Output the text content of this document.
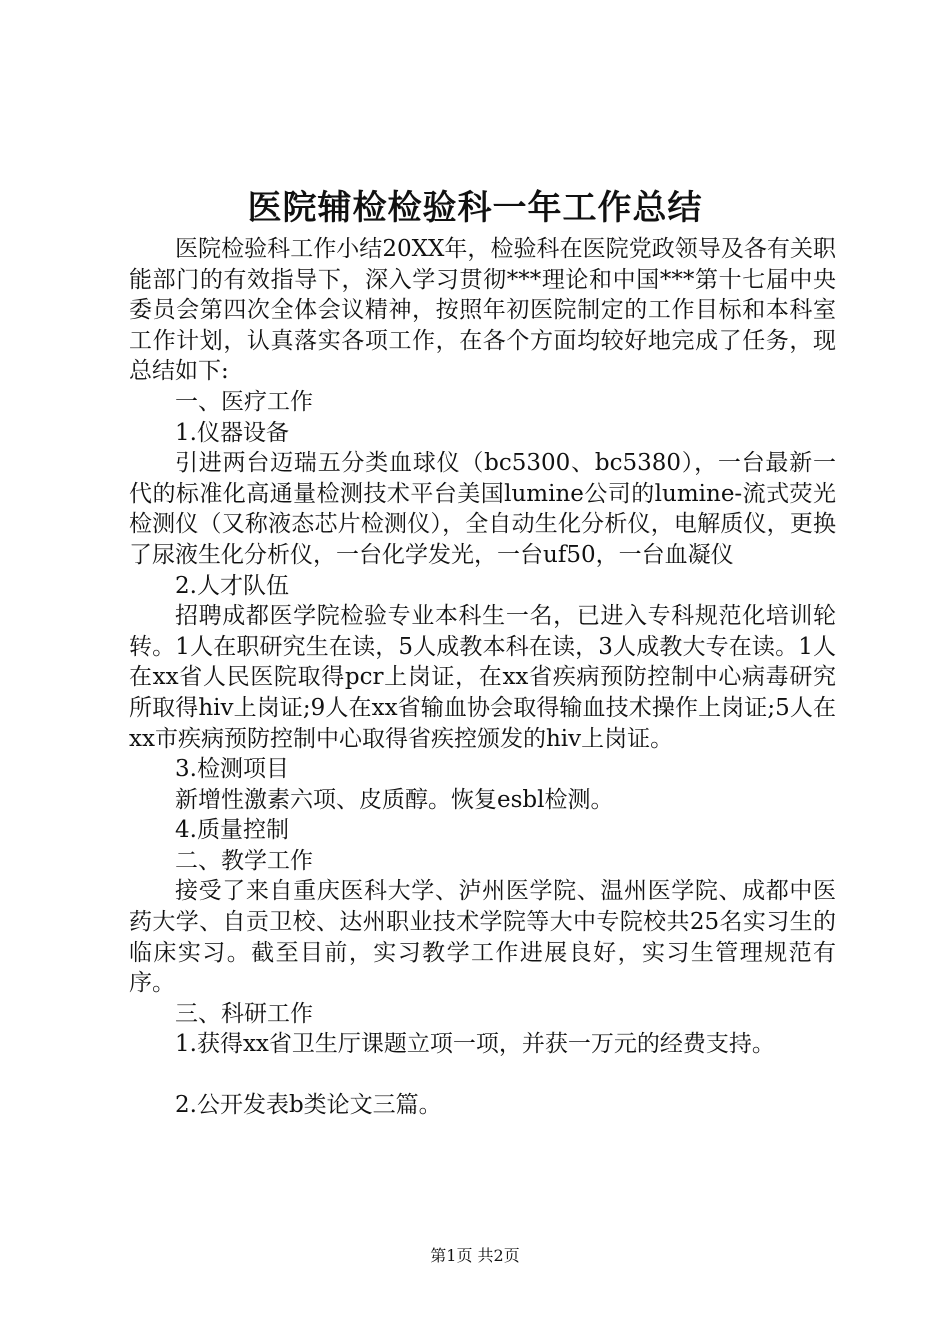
医院辅检检验科一年工作总结

医院检验科工作小结20XX年，检验科在医院党政领导及各有关职能部门的有效指导下，深入学习贯彻***理论和中国***第十七届中央委员会第四次全体会议精神，按照年初医院制定的工作目标和本科室工作计划，认真落实各项工作，在各个方面均较好地完成了任务，现总结如下:

一、医疗工作

1.仪器设备

引进两台迈瑞五分类血球仪（bc5300、bc5380），一台最新一代的标准化高通量检测技术平台美国lumine公司的lumine-流式荧光检测仪（又称液态芯片检测仪），全自动生化分析仪，电解质仪，更换了尿液生化分析仪，一台化学发光，一台uf50，一台血凝仪

2.人才队伍

招聘成都医学院检验专业本科生一名，已进入专科规范化培训轮转。1人在职研究生在读，5人成教本科在读，3人成教大专在读。1人在xx省人民医院取得pcr上岗证，在xx省疾病预防控制中心病毒研究所取得hiv上岗证;9人在xx省输血协会取得输血技术操作上岗证;5人在xx市疾病预防控制中心取得省疾控颁发的hiv上岗证。

3.检测项目

新增性激素六项、皮质醇。恢复esbl检测。

4.质量控制

二、教学工作

接受了来自重庆医科大学、泸州医学院、温州医学院、成都中医药大学、自贡卫校、达州职业技术学院等大中专院校共25名实习生的临床实习。截至目前，实习教学工作进展良好，实习生管理规范有序。

三、科研工作

1.获得xx省卫生厅课题立项一项，并获一万元的经费支持。

2.公开发表b类论文三篇。

第1页 共2页
